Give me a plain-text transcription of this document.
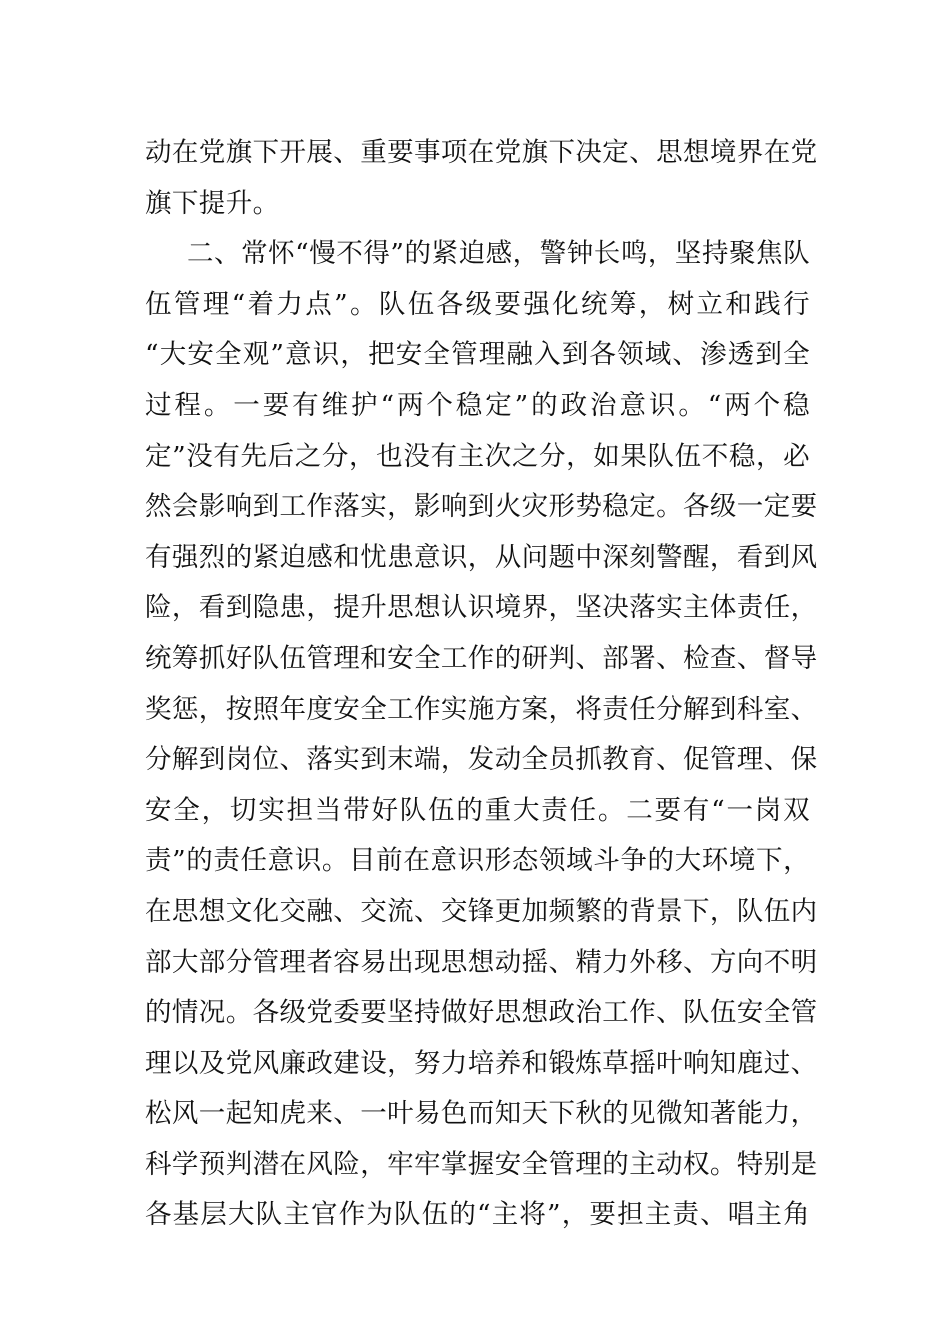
动在党旗下开展、重要事项在党旗下决定、思想境界在党
旗下提升。
二、常怀“慢不得”的紧迫感，警钟长鸣，坚持聚焦队
伍管理“着力点”。队伍各级要强化统筹，树立和践行
“大安全观”意识，把安全管理融入到各领域、渗透到全
过程。一要有维护“两个稳定”的政治意识。“两个稳
定”没有先后之分，也没有主次之分，如果队伍不稳，必
然会影响到工作落实，影响到火灾形势稳定。各级一定要
有强烈的紧迫感和忧患意识，从问题中深刻警醒，看到风
险，看到隐患，提升思想认识境界，坚决落实主体责任，
统筹抓好队伍管理和安全工作的研判、部署、检查、督导
奖惩，按照年度安全工作实施方案，将责任分解到科室、
分解到岗位、落实到末端，发动全员抓教育、促管理、保
安全，切实担当带好队伍的重大责任。二要有“一岗双
责”的责任意识。目前在意识形态领域斗争的大环境下，
在思想文化交融、交流、交锋更加频繁的背景下，队伍内
部大部分管理者容易出现思想动摇、精力外移、方向不明
的情况。各级党委要坚持做好思想政治工作、队伍安全管
理以及党风廉政建设，努力培养和锻炼草摇叶响知鹿过、
松风一起知虎来、一叶易色而知天下秋的见微知著能力，
科学预判潜在风险，牢牢掌握安全管理的主动权。特别是
各基层大队主官作为队伍的“主将”，要担主责、唱主角
